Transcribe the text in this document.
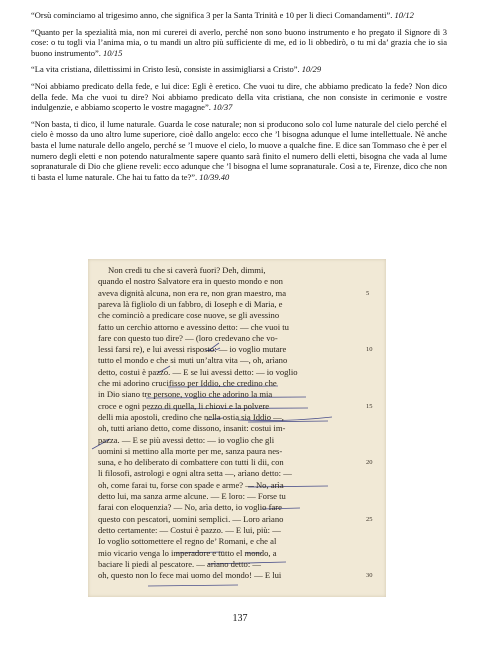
“Orsù cominciamo al trigesimo anno, che significa 3 per la Santa Trinità e 10 per li dieci Comandamenti”. 10/12

“Quanto per la spezialità mia, non mi curerei di averlo, perché non sono buono instrumento e ho pregato il Signore di 3 cose: o tu togli via l’anima mia, o tu mandi un altro più sufficiente di me, ed io li obbedirò, o tu mi da’ grazia che io sia buono instrumento”. 10/15

“La vita cristiana, dilettissimi in Cristo Iesù, consiste in assimigliarsi a Cristo”. 10/29

“Noi abbiamo predicato della fede, e lui dice: Egli è eretico. Che vuoi tu dire, che abbiamo predicato la fede? Non dico della fede. Ma che vuoi tu dire? Noi abbiamo predicato della vita cristiana, che non consiste in cerimonie e vostre indulgenzie, e abbiamo scoperto le vostre magagne”. 10/37

“Non basta, ti dico, il lume naturale. Guarda le cose naturale; non si producono solo col lume naturale del cielo perché el cielo è mosso da uno altro lume superiore, cioè dallo angelo: ecco che ’l bisogna adunque el lume intellettuale. Nè anche basta el lume naturale dello angelo, perché se ’l muove el cielo, lo muove a qualche fine. E dice san Tommaso che è per el numero degli eletti e non potendo naturalmente sapere quanto sarà finito el numero delli eletti, bisogna che vada al lume sopranaturale di Dio che gliene reveli: ecco adunque che ’l bisogna el lume sopranaturale. Così a te, Firenze, dico che non ti basta el lume naturale. Che hai tu fatto da te?”. 10/39.40

Non credi tu che si caverà fuori? Deh, dimmi,
quando el nostro Salvatore era in questo mondo e non
aveva dignità alcuna, non era re, non gran maestro, ma
pareva là figliolo di un fabbro, di Ioseph e di Maria, e
che cominciò a predicare cose nuove, se gli avessino
fatto un cerchio attorno e avessino detto: — che vuoi tu
fare con questo tuo dire? — (loro credevano che vo-
lessi farsi re), e lui avessi risposto: — io voglio mutare
tutto el mondo e che si muti un’altra vita —, oh, arìano
detto, costui è pazzo. — E se lui avessi detto: — io voglio
che mi adorino crucifisso per Iddio, che credino che
in Dio siano tre persone, voglio che adorino la mia
croce e ogni pezzo di quella, li chiovi e la polvere
delli mia apostoli, credino che nella ostia sia Iddio —,
oh, tutti arìano detto, come dissono, insanit: costui im-
pazza. — E se più avessi detto: — io voglio che gli
uomini si mettino alla morte per me, sanza paura nes-
suna, e ho deliberato di combattere con tutti li dii, con
li filosofi, astrologi e ogni altra setta —, arìano detto: —
oh, come farai tu, forse con spade e arme? — No, arìa
detto lui, ma sanza arme alcune. — E loro: — Forse tu
farai con eloquenzia? — No, arìa detto, io voglio fare
questo con pescatori, uomini semplici. — Loro arìano
detto certamente: — Costui è pazzo. — E lui, più: —
Io voglio sottomettere el regno de’ Romani, e che al
mio vicario venga lo imperadore e tutto el mondo, a
baciare li piedi al pescatore. — arìano detto: —
oh, questo non lo fece mai uomo del mondo! — E lui
5
10
15
20
25
30
137
